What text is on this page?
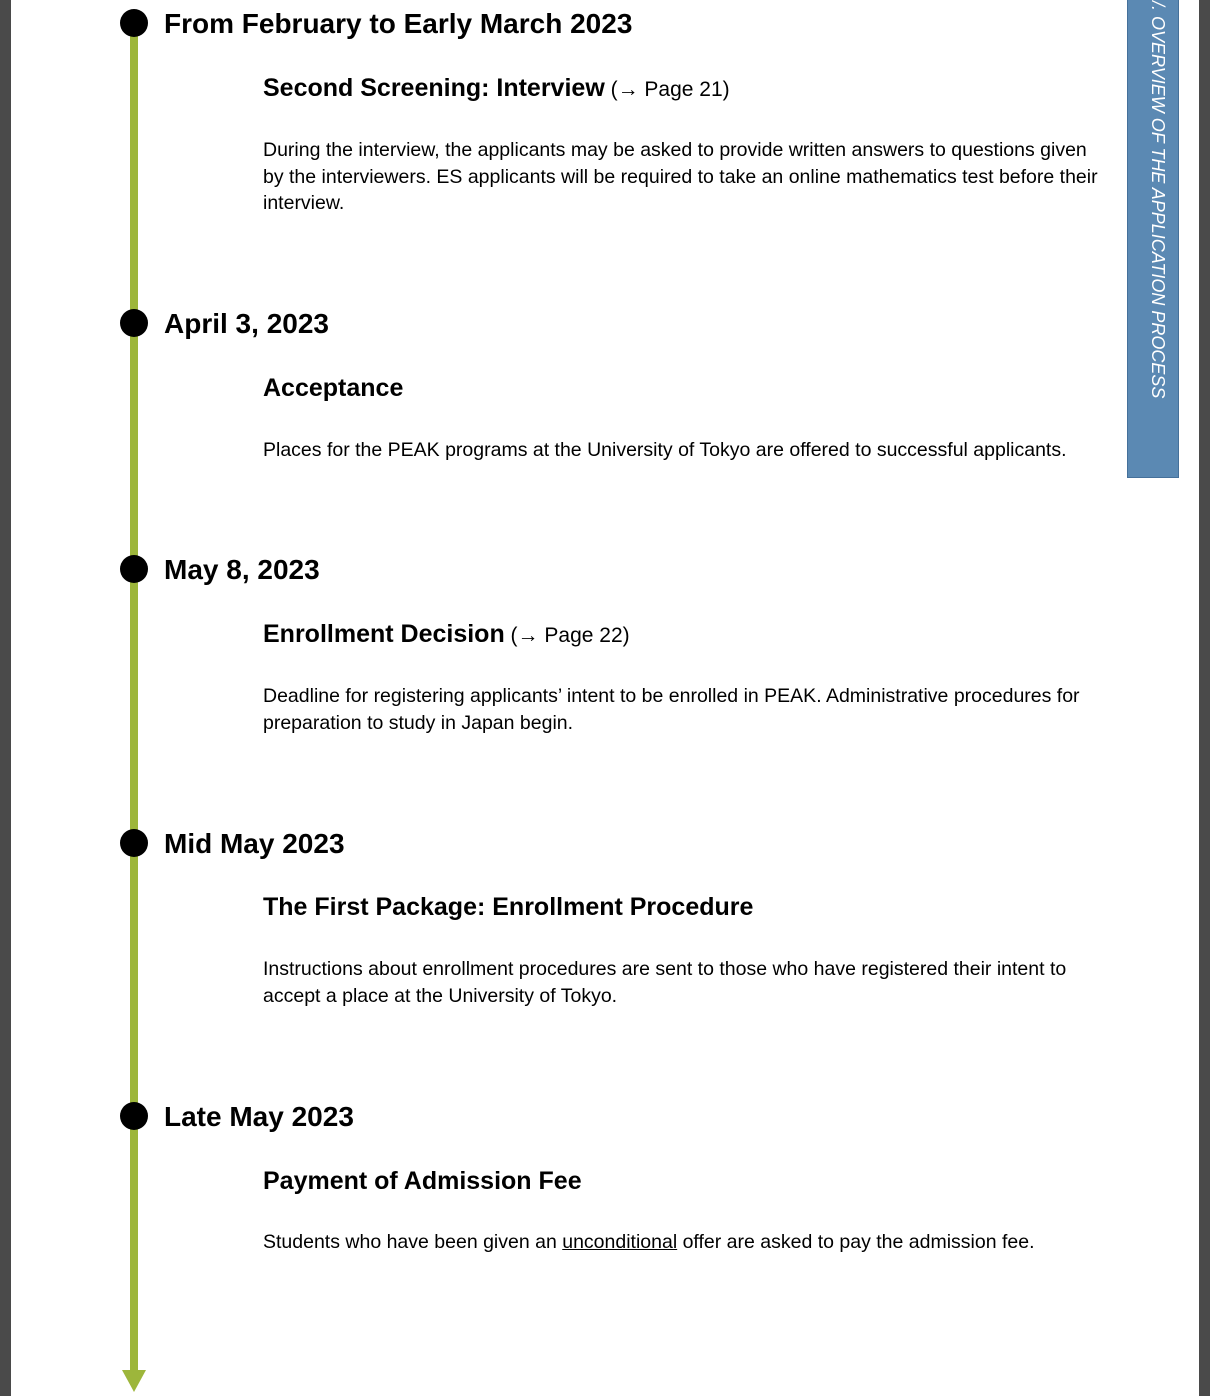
From February to Early March 2023
Second Screening: Interview (→ Page 21)
During the interview, the applicants may be asked to provide written answers to questions given by the interviewers. ES applicants will be required to take an online mathematics test before their interview.
April 3, 2023
Acceptance
Places for the PEAK programs at the University of Tokyo are offered to successful applicants.
May 8, 2023
Enrollment Decision (→ Page 22)
Deadline for registering applicants’ intent to be enrolled in PEAK. Administrative procedures for preparation to study in Japan begin.
Mid May 2023
The First Package: Enrollment Procedure
Instructions about enrollment procedures are sent to those who have registered their intent to accept a place at the University of Tokyo.
Late May 2023
Payment of Admission Fee
Students who have been given an unconditional offer are asked to pay the admission fee.
/. OVERVIEW OF THE APPLICATION PROCESS
